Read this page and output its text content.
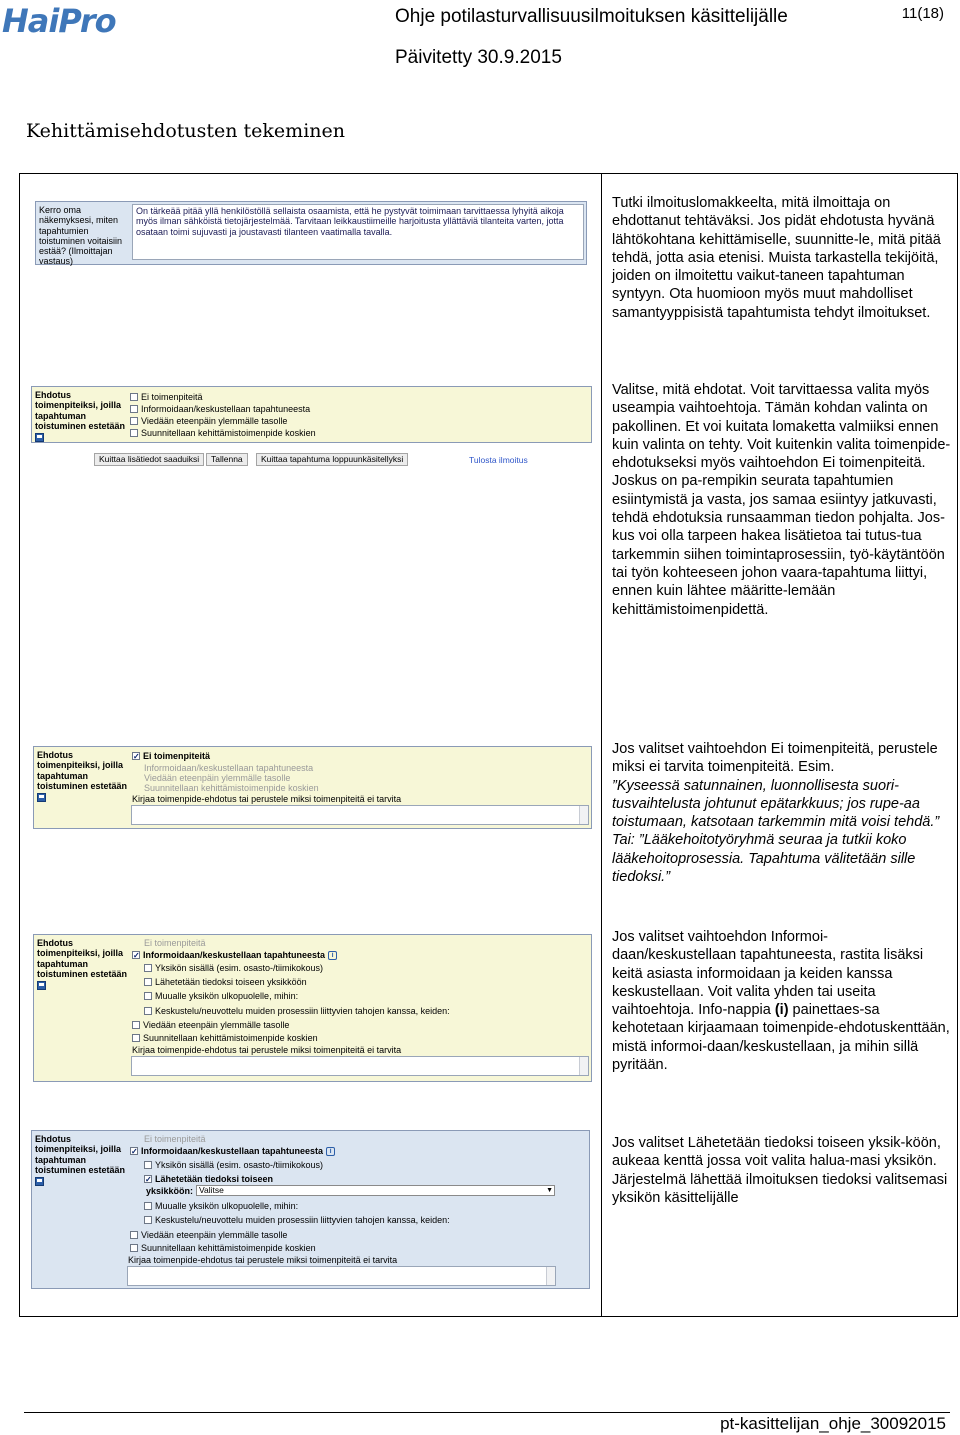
HaiPro	Ohje potilasturvallisuusilmoituksen käsittelijälle
Päivitetty 30.9.2015
11(18)
Kehittämisehdotusten tekeminen
Kerro oma näkemyksesi, miten tapahtumien toistuminen voitaisiin estää? (Ilmoittajan vastaus)
On tärkeää pitää yllä henkilöstöllä sellaista osaamista, että he pystyvät toimimaan tarvittaessa lyhyitä aikoja myös ilman sähköistä tietojärjestelmää. Tarvitaan leikkaustiimeille harjoitusta yllättäviä tilanteita varten, jotta osataan toimi sujuvasti ja joustavasti tilanteen vaatimalla tavalla.
Tutki ilmoituslomakkeelta, mitä ilmoittaja on ehdottanut tehtäväksi. Jos pidät ehdotusta hyvänä lähtökohtana kehittämiselle, suunnitte-le, mitä pitää tehdä, jotta asia etenisi. Muista tarkastella tekijöitä, joiden on ilmoitettu vaikut-taneen tapahtuman syntyyn. Ota huomioon myös muut mahdolliset samantyyppisistä tapahtumista tehdyt ilmoitukset.
Ehdotus toimenpiteiksi, joilla tapahtuman toistuminen estetään

Ei toimenpiteitä
Informoidaan/keskustellaan tapahtuneesta
Viedään eteenpäin ylemmälle tasolle
Suunnitellaan kehittämistoimenpide koskien
Kuittaa lisätiedot saaduiksi	Tallenna	Kuittaa tapahtuma loppuunkäsitellyksi	Tulosta ilmoitus
Valitse, mitä ehdotat. Voit tarvittaessa valita myös useampia vaihtoehtoja. Tämän kohdan valinta on pakollinen. Et voi kuitata lomaketta valmiiksi ennen kuin valinta on tehty. Voit kuitenkin valita toimenpide-ehdotukseksi myös vaihtoehdon Ei toimenpiteitä. Joskus on pa-rempikin seurata tapahtumien esiintymistä ja vasta, jos samaa esiintyy jatkuvasti, tehdä ehdotuksia runsaamman tiedon pohjalta. Jos-kus voi olla tarpeen hakea lisätietoa tai tutus-tua tarkemmin siihen toimintaprosessiin, työ-käytäntöön tai työn kohteeseen johon vaara-tapahtuma liittyi, ennen kuin lähtee määritte-lemään kehittämistoimenpidettä.
Ehdotus toimenpiteiksi, joilla tapahtuman toistuminen estetään

✓
Ei toimenpiteitä
Informoidaan/keskustellaan tapahtuneesta
Viedään eteenpäin ylemmälle tasolle
Suunnitellaan kehittämistoimenpide koskien
Kirjaa toimenpide-ehdotus tai perustele miksi toimenpiteitä ei tarvita
Jos valitset vaihtoehdon Ei toimenpiteitä, perustele miksi ei tarvita toimenpiteitä. Esim.
”Kyseessä satunnainen, luonnollisesta suori-tusvaihtelusta johtunut epätarkkuus; jos rupe-aa toistumaan, katsotaan tarkemmin mitä voisi tehdä.” Tai: ”Lääkehoitotyöryhmä seuraa ja tutkii koko lääkehoitoprosessia. Tapahtuma välitetään sille tiedoksi.”
Ehdotus toimenpiteiksi, joilla tapahtuman toistuminen estetään

Ei toimenpiteitä
✓
Informoidaan/keskustellaan tapahtuneesta i
Yksikön sisällä (esim. osasto-/tiimikokous)
Lähetetään tiedoksi toiseen yksikköön
Muualle yksikön ulkopuolelle, mihin:
Keskustelu/neuvottelu muiden prosessiin liittyvien tahojen kanssa, keiden:
Viedään eteenpäin ylemmälle tasolle
Suunnitellaan kehittämistoimenpide koskien
Kirjaa toimenpide-ehdotus tai perustele miksi toimenpiteitä ei tarvita
Jos valitset vaihtoehdon Informoi-daan/keskustellaan tapahtuneesta, rastita lisäksi keitä asiasta informoidaan ja keiden kanssa keskustellaan. Voit valita yhden tai useita vaihtoehtoja. Info-nappia (i) painettaes-sa kehotetaan kirjaamaan toimenpide-ehdotuskenttään, mistä informoi-daan/keskustellaan, ja mihin sillä pyritään.
Ehdotus toimenpiteiksi, joilla tapahtuman toistuminen estetään

Ei toimenpiteitä
✓
Informoidaan/keskustellaan tapahtuneesta i
Yksikön sisällä (esim. osasto-/tiimikokous)
✓
Lähetetään tiedoksi toiseen
yksikköön: Valitse	▼
Muualle yksikön ulkopuolelle, mihin:
Keskustelu/neuvottelu muiden prosessiin liittyvien tahojen kanssa, keiden:
Viedään eteenpäin ylemmälle tasolle
Suunnitellaan kehittämistoimenpide koskien
Kirjaa toimenpide-ehdotus tai perustele miksi toimenpiteitä ei tarvita
Jos valitset Lähetetään tiedoksi toiseen yksik-köön, aukeaa kenttä jossa voit valita halua-masi yksikön. Järjestelmä lähettää ilmoituksen tiedoksi valitsemasi yksikön käsittelijälle
pt-kasittelijan_ohje_30092015
